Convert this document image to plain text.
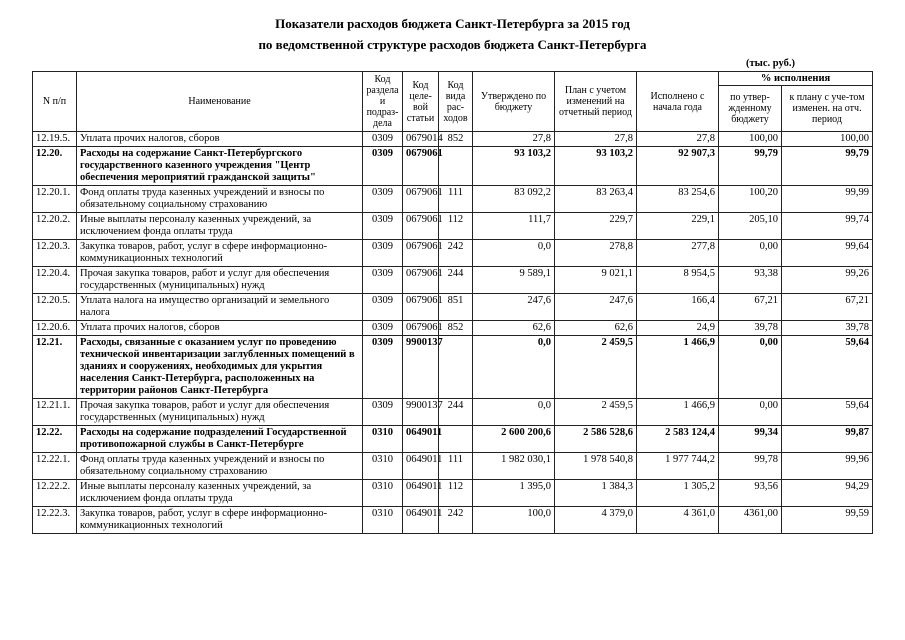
Показатели расходов бюджета Санкт-Петербурга за 2015 год
по ведомственной структуре расходов бюджета Санкт-Петербурга
(тыс. руб.)
N п/п	Наименование	Код раздела и подраз-дела	Код целе-вой статьи	Код вида рас-ходов	Утверждено по бюджету	План с учетом изменений на отчетный период	Исполнено с начала года	% исполнения	
								по утвер-жденному бюджету	к плану с уче-том изменен. на отч. период
12.19.5.	Уплата прочих налогов, сборов	0309	0679014	852	27,8	27,8	27,8	100,00	100,00
12.20.	Расходы на содержание Санкт-Петербургского государственного казенного учреждения "Центр обеспечения мероприятий гражданской защиты"	0309	0679061		93 103,2	93 103,2	92 907,3	99,79	99,79
12.20.1.	Фонд оплаты труда казенных учреждений и взносы по обязательному социальному страхованию	0309	0679061	111	83 092,2	83 263,4	83 254,6	100,20	99,99
12.20.2.	Иные выплаты персоналу казенных учреждений, за исключением фонда оплаты труда	0309	0679061	112	111,7	229,7	229,1	205,10	99,74
12.20.3.	Закупка товаров, работ, услуг в сфере информационно-коммуникационных технологий	0309	0679061	242	0,0	278,8	277,8	0,00	99,64
12.20.4.	Прочая закупка товаров, работ и услуг для обеспечения государственных (муниципальных) нужд	0309	0679061	244	9 589,1	9 021,1	8 954,5	93,38	99,26
12.20.5.	Уплата налога на имущество организаций и земельного налога	0309	0679061	851	247,6	247,6	166,4	67,21	67,21
12.20.6.	Уплата прочих налогов, сборов	0309	0679061	852	62,6	62,6	24,9	39,78	39,78
12.21.	Расходы, связанные с оказанием услуг по проведению технической инвентаризации заглубленных помещений в зданиях и сооружениях, необходимых для укрытия населения Санкт-Петербурга, расположенных на территории районов Санкт-Петербурга	0309	9900137		0,0	2 459,5	1 466,9	0,00	59,64
12.21.1.	Прочая закупка товаров, работ и услуг для обеспечения государственных (муниципальных) нужд	0309	9900137	244	0,0	2 459,5	1 466,9	0,00	59,64
12.22.	Расходы на содержание подразделений Государственной противопожарной службы в Санкт-Петербурге	0310	0649011		2 600 200,6	2 586 528,6	2 583 124,4	99,34	99,87
12.22.1.	Фонд оплаты труда казенных учреждений и взносы по обязательному социальному страхованию	0310	0649011	111	1 982 030,1	1 978 540,8	1 977 744,2	99,78	99,96
12.22.2.	Иные выплаты персоналу казенных учреждений, за исключением фонда оплаты труда	0310	0649011	112	1 395,0	1 384,3	1 305,2	93,56	94,29
12.22.3.	Закупка товаров, работ, услуг в сфере информационно-коммуникационных технологий	0310	0649011	242	100,0	4 379,0	4 361,0	4361,00	99,59
